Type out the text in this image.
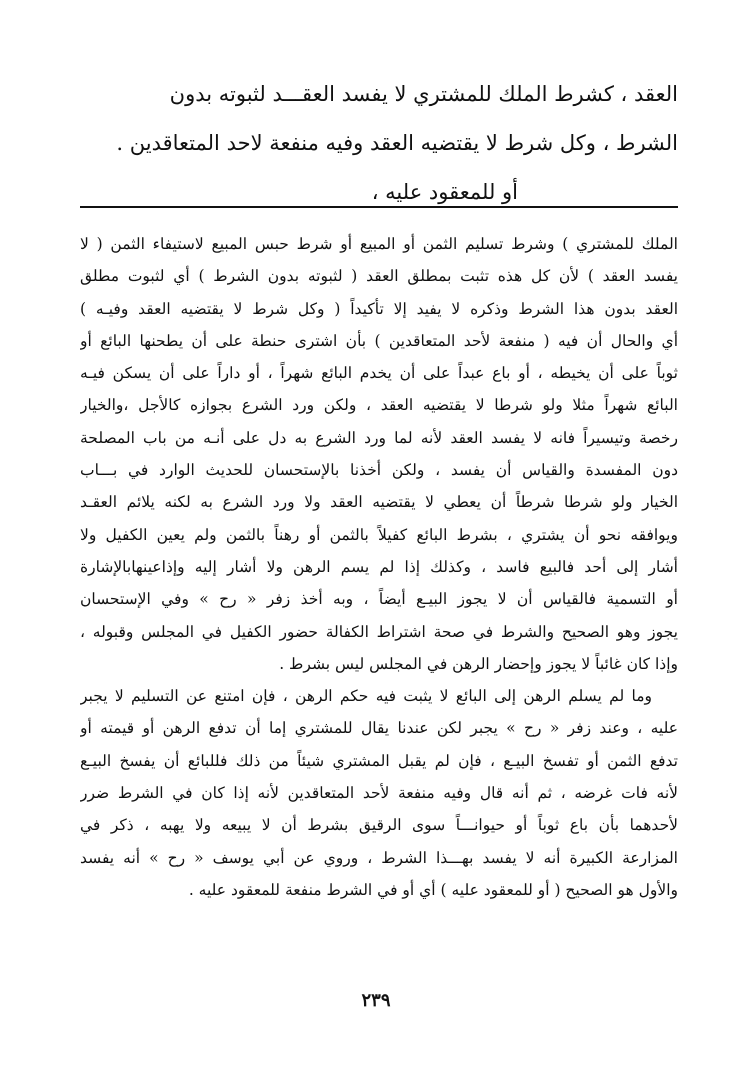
العقد ، كشرط الملك للمشتري لا يفسد العقـــد لثبوته بدون
الشرط ، وكل شرط لا يقتضيه العقد وفيه منفعة لاحد المتعاقدين .
أو للمعقود عليه ،
الملك للمشتري ) وشرط تسليم الثمن أو المبيع أو شرط حبس المبيع لاستيفاء الثمن ( لا
يفسد العقد ) لأن كل هذه تثبت بمطلق العقد ( لثبوته بدون الشرط ) أي لثبوت مطلق
العقد بدون هذا الشرط وذكره لا يفيد إلا تأكيداً ( وكل شرط لا يقتضيه العقد وفيـه )
أي والحال أن فيه ( منفعة لأحد المتعاقدين ) بأن اشترى حنطة على أن يطحنها البائع أو
ثوباً على أن يخيطه ، أو باع عبداً على أن يخدم البائع شهراً ، أو داراً على أن يسكن فيـه
البائع شهراً مثلا ولو شرطا لا يقتضيه العقد ، ولكن ورد الشرع بجوازه كالأجل ،والخيار
رخصة وتيسيراً فانه لا يفسد العقد لأنه لما ورد الشرع به دل على أنـه من باب المصلحة
دون المفسدة والقياس أن يفسد ، ولكن أخذنا بالإستحسان للحديث الوارد في بـــاب
الخيار ولو شرطا شرطاً أن يعطي لا يقتضيه العقد ولا ورد الشرع به لكنه يلائم العقـد
ويوافقه نحو أن يشتري ، بشرط البائع كفيلاً بالثمن أو رهناً بالثمن ولم يعين الكفيل ولا
أشار إلى أحد فالبيع فاسد ، وكذلك إذا لم يسم الرهن ولا أشار إليه وإذاعينهابالإشارة
أو التسمية فالقياس أن لا يجوز البيـع أيضاً ، وبه أخذ زفر « رح » وفي الإستحسان
يجوز وهو الصحيح والشرط في صحة اشتراط الكفالة حضور الكفيل في المجلس وقبوله ،
وإذا كان غائباً لا يجوز وإحضار الرهن في المجلس ليس بشرط .
وما لم يسلم الرهن إلى البائع لا يثبت فيه حكم الرهن ، فإن امتنع عن التسليم لا يجبر
عليه ، وعند زفر « رح » يجبر لكن عندنا يقال للمشتري إما أن تدفع الرهن أو قيمته أو
تدفع الثمن أو تفسخ البيـع ، فإن لم يقبل المشتري شيئاً من ذلك فللبائع أن يفسخ البيـع
لأنه فات غرضه ، ثم أنه قال وفيه منفعة لأحد المتعاقدين لأنه إذا كان في الشرط ضرر
لأحدهما بأن باع ثوباً أو حيوانـــاً سوى الرقيق بشرط أن لا يبيعه ولا يهبه ، ذكر في
المزارعة الكبيرة أنه لا يفسد بهـــذا الشرط ، وروي عن أبي يوسف « رح » أنه يفسد
والأول هو الصحيح ( أو للمعقود عليه ) أي أو في الشرط منفعة للمعقود عليه .
٢٣٩
